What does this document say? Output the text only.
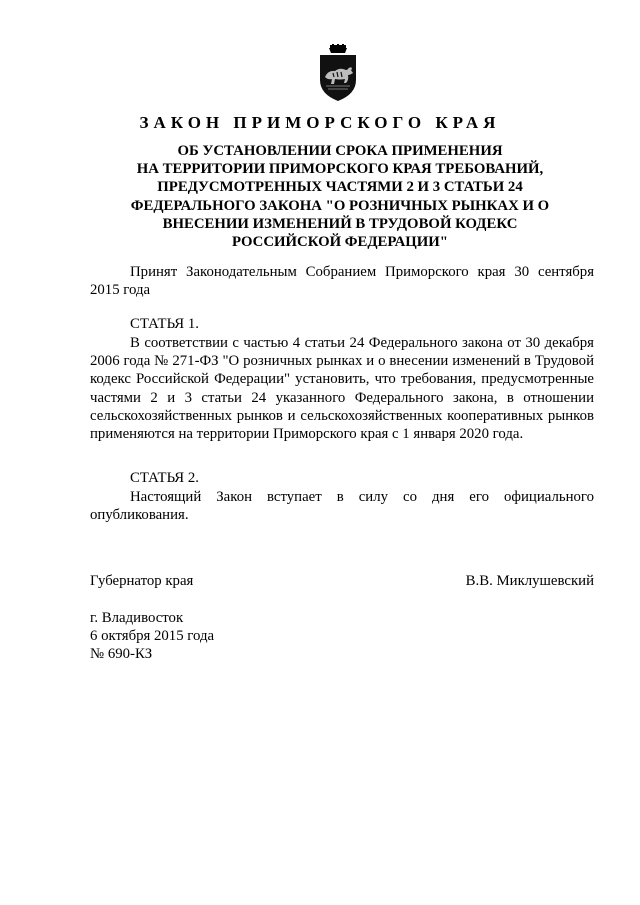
ЗАКОН ПРИМОРСКОГО КРАЯ
ОБ УСТАНОВЛЕНИИ СРОКА ПРИМЕНЕНИЯ
НА ТЕРРИТОРИИ ПРИМОРСКОГО КРАЯ ТРЕБОВАНИЙ,
ПРЕДУСМОТРЕННЫХ ЧАСТЯМИ 2 И 3 СТАТЬИ 24
ФЕДЕРАЛЬНОГО ЗАКОНА "О РОЗНИЧНЫХ РЫНКАХ И О
ВНЕСЕНИИ ИЗМЕНЕНИЙ В ТРУДОВОЙ КОДЕКС
РОССИЙСКОЙ ФЕДЕРАЦИИ"

Принят Законодательным Собранием Приморского края 30 сентября 2015 года

СТАТЬЯ 1.

В соответствии с частью 4 статьи 24 Федерального закона от 30 декабря 2006 года № 271-ФЗ "О розничных рынках и о внесении изменений в Трудовой кодекс Российской Федерации" установить, что требования, предусмотренные частями 2 и 3 статьи 24 указанного Федерального закона, в отношении сельскохозяйственных рынков и сельскохозяйственных кооперативных рынков применяются на территории Приморского края с 1 января 2020 года.

СТАТЬЯ 2.

Настоящий Закон вступает в силу со дня его официального опубликования.

Губернатор края	В.В. Миклушевский

г. Владивосток

6 октября 2015 года

№ 690-КЗ
